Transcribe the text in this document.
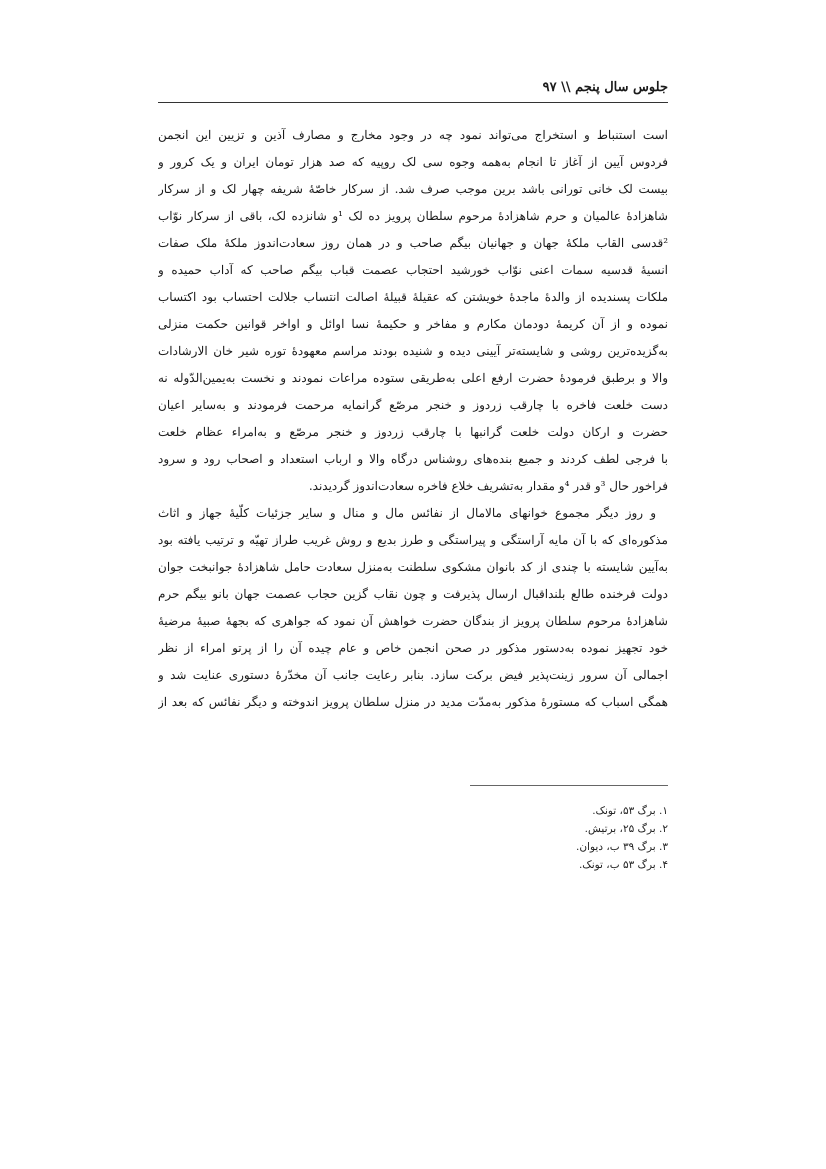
جلوس سال پنجم \\ ۹۷
است استنباط و استخراج می‌تواند نمود چه در وجود مخارج و مصارف آذین و تزیین این انجمن
فردوس آیین از آغاز تا انجام به‌همه وجوه سی لک روپیه که صد هزار تومان ایران و یک کرور و
بیست لک خانی تورانی باشد برین موجب صرف شد. از سرکار خاصّهٔ شریفه چهار لک و از سرکار
شاهزادهٔ عالمیان و حرم شاهزادهٔ مرحوم سلطان پرویز ده لک ¹و شانزده لک، باقی از سرکار نوّاب
²قدسی القاب ملکهٔ جهان و جهانیان بیگم صاحب و در همان روز سعادت‌اندوز ملکهٔ ملک صفات
انسیهٔ قدسیه سمات اعنی نوّاب خورشید احتجاب عصمت قباب بیگم صاحب که آداب حمیده و
ملکات پسندیده از والدهٔ ماجدهٔ خویشتن که عقیلهٔ قبیلهٔ اصالت انتساب جلالت احتساب بود اکتساب
نموده و از آن کریمهٔ دودمان مکارم و مفاخر و حکیمهٔ نسا اوائل و اواخر قوانین حکمت منزلی
به‌گزیده‌ترین روشی و شایسته‌تر آیینی دیده و شنیده بودند مراسم معهودهٔ توره شیر خان الارشادات
والا و برطبق فرمودهٔ حضرت ارفع اعلی به‌طریقی ستوده مراعات نمودند و نخست به‌یمین‌الدّوله نه
دست خلعت فاخره با چارقب زردوز و خنجر مرصّع گرانمایه مرحمت فرمودند و به‌سایر اعیان
حضرت و ارکان دولت خلعت گرانبها با چارقب زردوز و خنجر مرصّع و به‌امراء عظام خلعت
با فرجی لطف کردند و جمیع بنده‌های روشناس درگاه والا و ارباب استعداد و اصحاب رود و سرود
فراخور حال ³و قدر ⁴و مقدار به‌تشریف خلاع فاخره سعادت‌اندوز گردیدند.
و روز دیگر مجموع خوانهای مالامال از نفائس مال و منال و سایر جزئیات کلّیهٔ جهاز و اثاث
مذکوره‌ای که با آن مایه آراستگی و پیراستگی و طرز بدیع و روش غریب طراز تهیّه و ترتیب یافته بود
به‌آیین شایسته با چندی از کد بانوان مشکوی سلطنت به‌منزل سعادت حامل شاهزادهٔ جوانبخت جوان
دولت فرخنده طالع بلنداقبال ارسال پذیرفت و چون نقاب گزین حجاب عصمت جهان بانو بیگم حرم
شاهزادهٔ مرحوم سلطان پرویز از بندگان حضرت خواهش آن نمود که جواهری که بجههٔ صبیهٔ مرضیهٔ
خود تجهیز نموده به‌دستور مذکور در صحن انجمن خاص و عام چیده آن را از پرتو امراء از نظر
اجمالی آن سرور زینت‌پذیر فیض برکت سازد. بنابر رعایت جانب آن مخدّرهٔ دستوری عنایت شد و
همگی اسباب که مستورهٔ مذکور به‌مدّت مدید در منزل سلطان پرویز اندوخته و دیگر نفائس که بعد از
۱. برگ ۵۳، تونک.
۲. برگ ۲۵، برتیش.
۳. برگ ۳۹ ب، دیوان.
۴. برگ ۵۳ ب، تونک.
